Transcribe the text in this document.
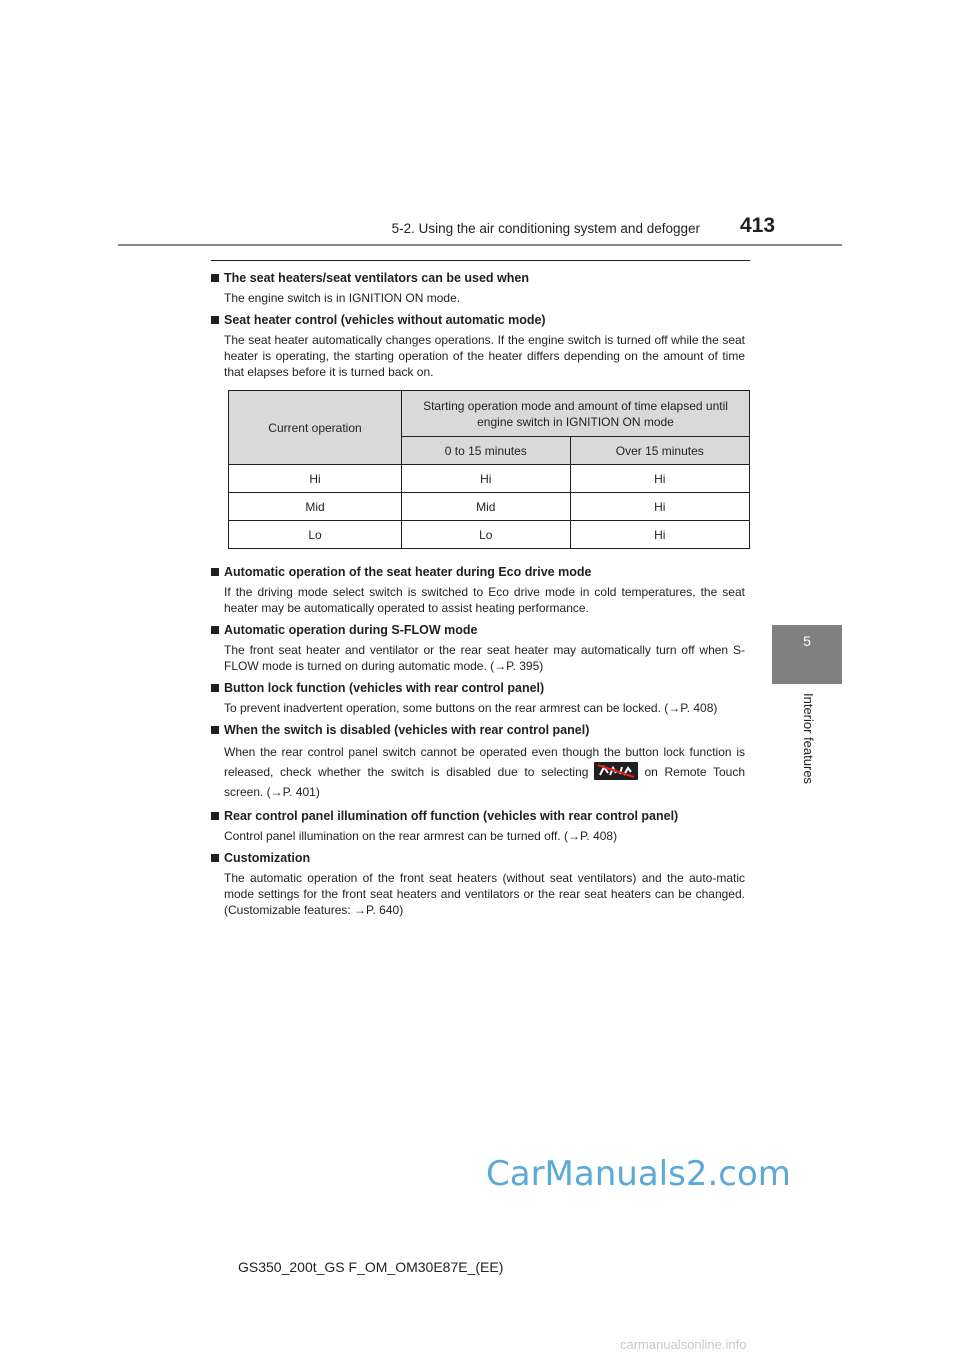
5-2. Using the air conditioning system and defogger 413
5
Interior features
The seat heaters/seat ventilators can be used when
The engine switch is in IGNITION ON mode.
Seat heater control (vehicles without automatic mode)
The seat heater automatically changes operations. If the engine switch is turned off while the seat heater is operating, the starting operation of the heater differs depending on the amount of time that elapses before it is turned back on.
Current operation	Starting operation mode and amount of time elapsed until engine switch in IGNITION ON mode	
	0 to 15 minutes	Over 15 minutes
Hi	Hi	Hi
Mid	Mid	Hi
Lo	Lo	Hi
Automatic operation of the seat heater during Eco drive mode
If the driving mode select switch is switched to Eco drive mode in cold temperatures, the seat heater may be automatically operated to assist heating performance.
Automatic operation during S-FLOW mode
The front seat heater and ventilator or the rear seat heater may automatically turn off when S-FLOW mode is turned on during automatic mode. (→P. 395)
Button lock function (vehicles with rear control panel)
To prevent inadvertent operation, some buttons on the rear armrest can be locked. (→P. 408)
When the switch is disabled (vehicles with rear control panel)
When the rear control panel switch cannot be operated even though the button lock function is released, check whether the switch is disabled due to selecting	on Remote Touch screen. (→P. 401)
Rear control panel illumination off function (vehicles with rear control panel)
Control panel illumination on the rear armrest can be turned off. (→P. 408)
Customization
The automatic operation of the front seat heaters (without seat ventilators) and the auto-matic mode settings for the front seat heaters and ventilators or the rear seat heaters can be changed. (Customizable features: →P. 640)
CarManuals2.com
GS350_200t_GS F_OM_OM30E87E_(EE)
carmanualsonline.info
